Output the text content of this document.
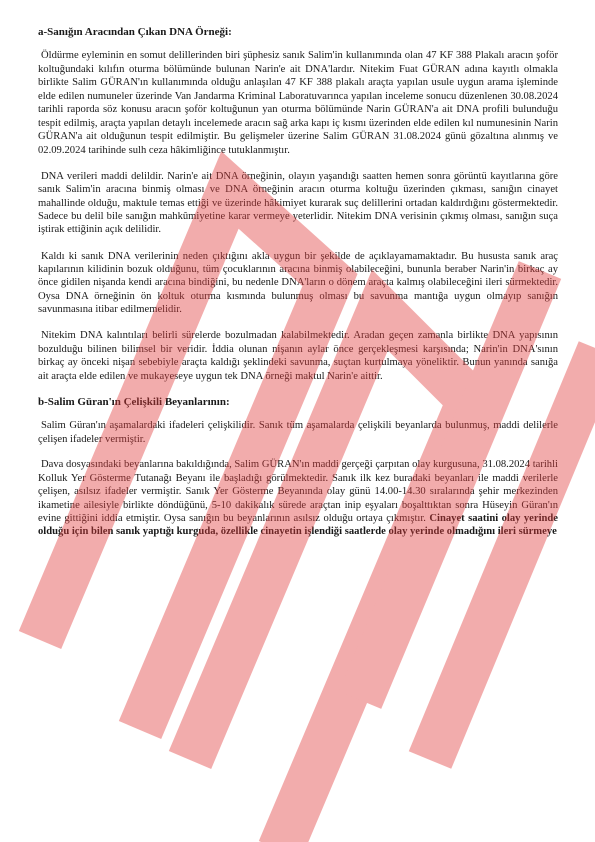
a-Sanığın Aracından Çıkan DNA Örneği:

Öldürme eyleminin en somut delillerinden biri şüphesiz sanık Salim'in kullanımında olan 47 KF 388 Plakalı aracın şoför koltuğundaki kılıfın oturma bölümünde bulunan Narin'e ait DNA'lardır. Nitekim Fuat GÜRAN adına kayıtlı olmakla birlikte Salim GÜRAN'ın kullanımında olduğu anlaşılan 47 KF 388 plakalı araçta yapılan usule uygun arama işleminde elde edilen numuneler üzerinde Van Jandarma Kriminal Laboratuvarınca yapılan inceleme sonucu düzenlenen 30.08.2024 tarihli raporda söz konusu aracın şoför koltuğunun yan oturma bölümünde Narin GÜRAN'a ait DNA profili bulunduğu tespit edilmiş, araçta yapılan detaylı incelemede aracın sağ arka kapı iç kısmı üzerinden elde edilen kıl numunesinin Narin GÜRAN'a ait olduğunun tespit edilmiştir. Bu gelişmeler üzerine Salim GÜRAN 31.08.2024 günü gözaltına alınmış ve 02.09.2024 tarihinde sulh ceza hâkimliğince tutuklanmıştır.

DNA verileri maddi delildir. Narin'e ait DNA örneğinin, olayın yaşandığı saatten hemen sonra görüntü kayıtlarına göre sanık Salim'in aracına binmiş olması ve DNA örneğinin aracın oturma koltuğu üzerinden çıkması, sanığın cinayet mahallinde olduğu, maktule temas ettiği ve üzerinde hâkimiyet kurarak suç delillerini ortadan kaldırdığını göstermektedir. Sadece bu delil bile sanığın mahkûmiyetine karar vermeye yeterlidir. Nitekim DNA verisinin çıkmış olması, sanığın suça iştirak ettiğinin açık delilidir.

Kaldı ki sanık DNA verilerinin neden çıktığını akla uygun bir şekilde de açıklayamamaktadır. Bu hususta sanık araç kapılarının kilidinin bozuk olduğunu, tüm çocuklarının aracına binmiş olabileceğini, bununla beraber Narin'in birkaç ay önce gidilen nişanda kendi aracına bindiğini, bu nedenle DNA'ların o dönem araçta kalmış olabileceğini ileri sürmektedir. Oysa DNA örneğinin ön koltuk oturma kısmında bulunmuş olması bu savunma mantığa uygun olmayıp sanığın savunmasına itibar edilmemelidir.

Nitekim DNA kalıntıları belirli sürelerde bozulmadan kalabilmektedir. Aradan geçen zamanla birlikte DNA yapısının bozulduğu bilinen bilimsel bir veridir. İddia olunan nişanın aylar önce gerçekleşmesi karşısında; Narin'in DNA'sının birkaç ay önceki nişan sebebiyle araçta kaldığı şeklindeki savunma, suçtan kurtulmaya yöneliktir. Bunun yanında sanığa ait araçta elde edilen ve mukayeseye uygun tek DNA örneği maktul Narin'e aittir.

b-Salim Güran'ın Çelişkili Beyanlarının:

Salim Güran'ın aşamalardaki ifadeleri çelişkilidir. Sanık tüm aşamalarda çelişkili beyanlarda bulunmuş, maddi delilerle çelişen ifadeler vermiştir.

Dava dosyasındaki beyanlarına bakıldığında, Salim GÜRAN'ın maddi gerçeği çarpıtan olay kurgusuna, 31.08.2024 tarihli Kolluk Yer Gösterme Tutanağı Beyanı ile başladığı görülmektedir. Sanık ilk kez buradaki beyanları ile maddi verilerle çelişen, asılsız ifadeler vermiştir. Sanık Yer Gösterme Beyanında olay günü 14.00-14.30 sıralarında şehir merkezinden ikametine ailesiyle birlikte döndüğünü, 5-10 dakikalık sürede araçtan inip eşyaları boşalttıktan sonra Hüseyin Güran'ın evine gittiğini iddia etmiştir. Oysa sanığın bu beyanlarının asılsız olduğu ortaya çıkmıştır. Cinayet saatini olay yerinde olduğu için bilen sanık yaptığı kurguda, özellikle cinayetin işlendiği saatlerde olay yerinde olmadığını ileri sürmeye
